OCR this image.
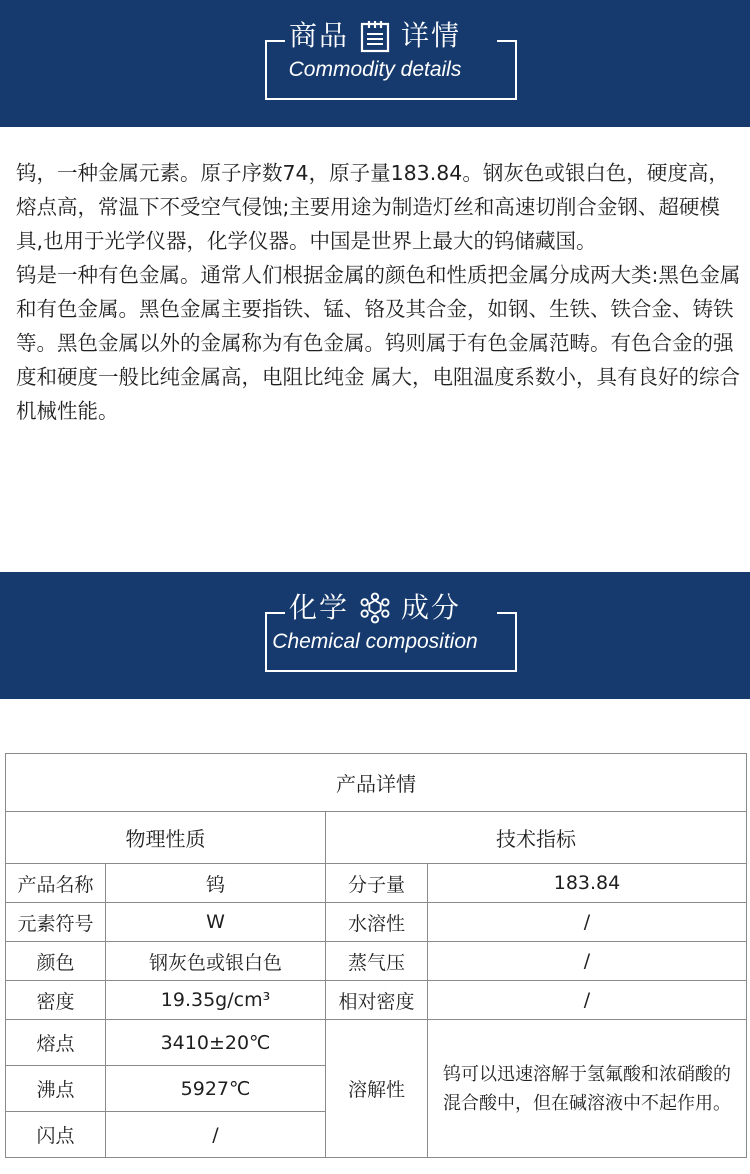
商品 详情
Commodity details

钨，一种金属元素。原子序数74，原子量183.84。钢灰色或银白色，硬度高，熔点高，常温下不受空气侵蚀;主要用途为制造灯丝和高速切削合金钢、超硬模具,也用于光学仪器，化学仪器。中国是世界上最大的钨储藏国。

钨是一种有色金属。通常人们根据金属的颜色和性质把金属分成两大类:黑色金属和有色金属。黑色金属主要指铁、锰、铬及其合金，如钢、生铁、铁合金、铸铁等。黑色金属以外的金属称为有色金属。钨则属于有色金属范畴。有色合金的强度和硬度一般比纯金属高，电阻比纯金 属大，电阻温度系数小，具有良好的综合机械性能。

化学 成分
Chemical composition
产品详情			
物理性质		技术指标	
产品名称	钨	分子量	183.84
元素符号	W	水溶性	/
颜色	钢灰色或银白色	蒸气压	/
密度	19.35g/cm³	相对密度	/
熔点	3410±20℃	溶解性	钨可以迅速溶解于氢氟酸和浓硝酸的混合酸中，但在碱溶液中不起作用。
沸点	5927℃		
闪点	/		
